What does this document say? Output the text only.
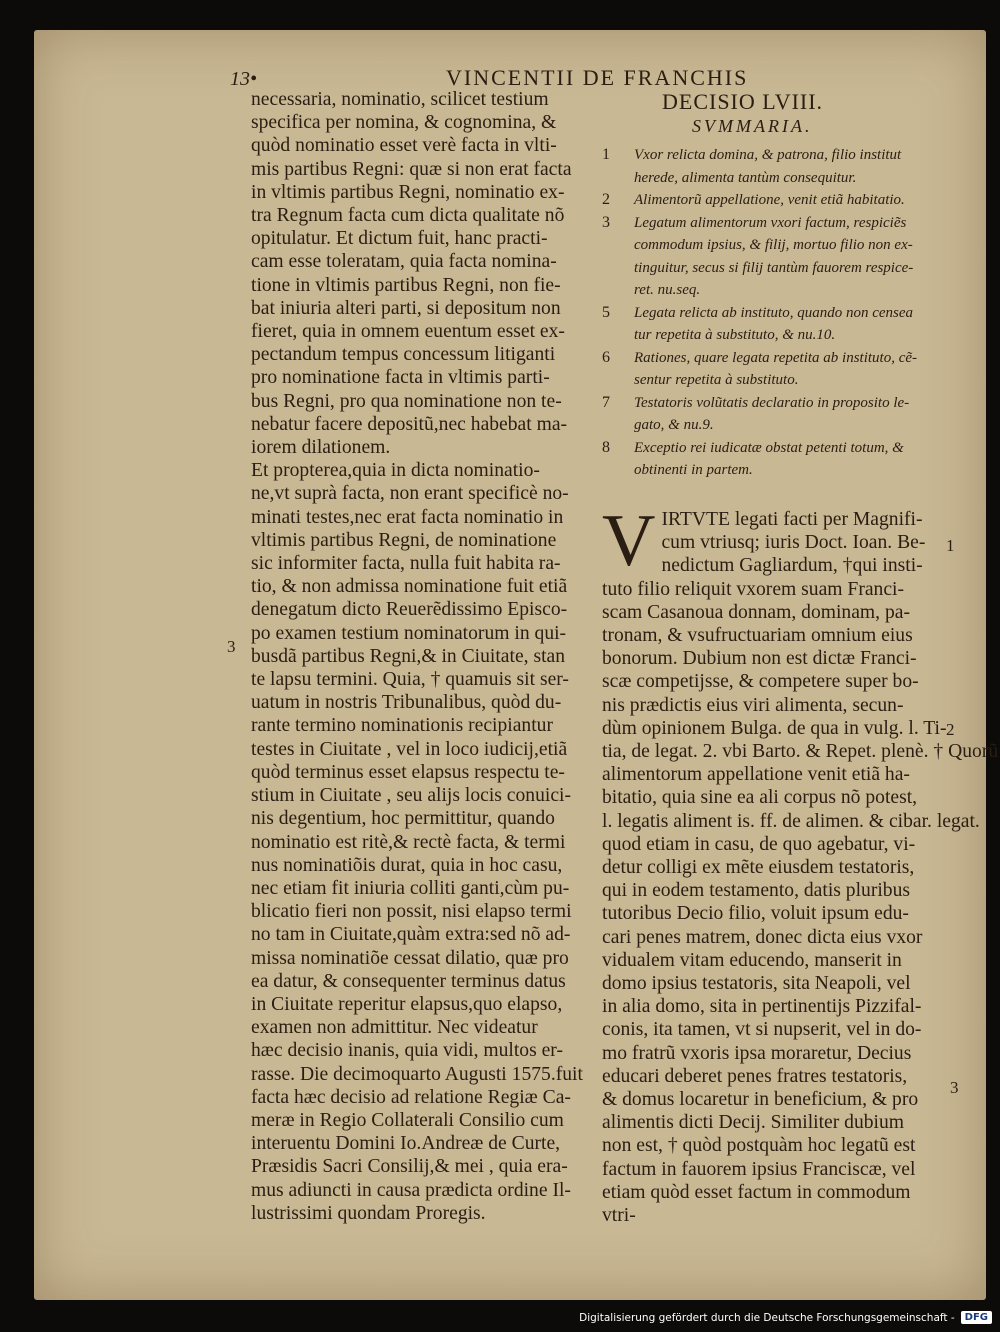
13•	VINCENTII DE FRANCHIS
necessaria, nominatio, scilicet testium
specifica per nomina, & cognomina, &
quòd nominatio esset verè facta in vlti-
mis partibus Regni: quæ si non erat facta
in vltimis partibus Regni, nominatio ex-
tra Regnum facta cum dicta qualitate nõ
opitulatur. Et dictum fuit, hanc practi-
cam esse toleratam, quia facta nomina-
tione in vltimis partibus Regni, non fie-
bat iniuria alteri parti, si depositum non
fieret, quia in omnem euentum esset ex-
pectandum tempus concessum litiganti
pro nominatione facta in vltimis parti-
bus Regni, pro qua nominatione non te-
nebatur facere depositũ,nec habebat ma-
iorem dilationem.
Et propterea,quia in dicta nominatio-
ne,vt suprà facta, non erant specificè no-
minati testes,nec erat facta nominatio in
vltimis partibus Regni, de nominatione
sic informiter facta, nulla fuit habita ra-
tio, & non admissa nominatione fuit etiã
denegatum dicto Reuerẽdissimo Episco-
po examen testium nominatorum in qui-
busdã partibus Regni,& in Ciuitate, stan
te lapsu termini. Quia, † quamuis sit ser-
uatum in nostris Tribunalibus, quòd du-
rante termino nominationis recipiantur
testes in Ciuitate , vel in loco iudicij,etiã
quòd terminus esset elapsus respectu te-
stium in Ciuitate , seu alijs locis conuici-
nis degentium, hoc permittitur, quando
nominatio est ritè,& rectè facta, & termi
nus nominatiõis durat, quia in hoc casu,
nec etiam fit iniuria colliti ganti,cùm pu-
blicatio fieri non possit, nisi elapso termi
no tam in Ciuitate,quàm extra:sed nõ ad-
missa nominatiõe cessat dilatio, quæ pro
ea datur, & consequenter terminus datus
in Ciuitate reperitur elapsus,quo elapso,
examen non admittitur. Nec videatur
hæc decisio inanis, quia vidi, multos er-
rasse. Die decimoquarto Augusti 1575.fuit
facta hæc decisio ad relatione Regiæ Ca-
meræ in Regio Collaterali Consilio cum
interuentu Domini Io.Andreæ de Curte,
Præsidis Sacri Consilij,& mei , quia era-
mus adiuncti in causa prædicta ordine Il-
lustrissimi quondam Proregis.
3
DECISIO LVIII.
SVMMARIA.
1	Vxor relicta domina, & patrona, filio institut
herede, alimenta tantùm consequitur.
2	Alimentorũ appellatione, venit etiã habitatio.
3	Legatum alimentorum vxori factum, respiciẽs
commodum ipsius, & filij, mortuo filio non ex-
tinguitur, secus si filij tantùm fauorem respice-
ret. nu.seq.
5	Legata relicta ab instituto, quando non censea
tur repetita à substituto, & nu.10.
6	Rationes, quare legata repetita ab instituto, cẽ-
sentur repetita à substituto.
7	Testatoris volũtatis declaratio in proposito le-
gato, & nu.9.
8	Exceptio rei iudicatæ obstat petenti totum, &
obtinenti in partem.
V IRTVTE legati facti per Magnifi-
cum vtriusq; iuris Doct. Ioan. Be-
nedictum Gagliardum, †qui insti-
tuto filio reliquit vxorem suam Franci-
scam Casanoua donnam, dominam, pa-
tronam, & vsufructuariam omnium eius
bonorum. Dubium non est dictæ Franci-
scæ competijsse, & competere super bo-
nis prædictis eius viri alimenta, secun-
dùm opinionem Bulga. de qua in vulg. l. Ti-
tia, de legat. 2. vbi Barto. & Repet. plenè. † Quorũ
alimentorum appellatione venit etiã ha-
bitatio, quia sine ea ali corpus nõ potest,
l. legatis aliment is. ff. de alimen. & cibar. legat.
quod etiam in casu, de quo agebatur, vi-
detur colligi ex mẽte eiusdem testatoris,
qui in eodem testamento, datis pluribus
tutoribus Decio filio, voluit ipsum edu-
cari penes matrem, donec dicta eius vxor
vidualem vitam educendo, manserit in
domo ipsius testatoris, sita Neapoli, vel
in alia domo, sita in pertinentijs Pizzifal-
conis, ita tamen, vt si nupserit, vel in do-
mo fratrũ vxoris ipsa moraretur, Decius
educari deberet penes fratres testatoris,
& domus locaretur in beneficium, & pro
alimentis dicti Decij. Similiter dubium
non est, † quòd postquàm hoc legatũ est
factum in fauorem ipsius Franciscæ, vel
etiam quòd esset factum in commodum
vtri-
1
2
3
Digitalisierung gefördert durch die Deutsche Forschungsgemeinschaft -	DFG
